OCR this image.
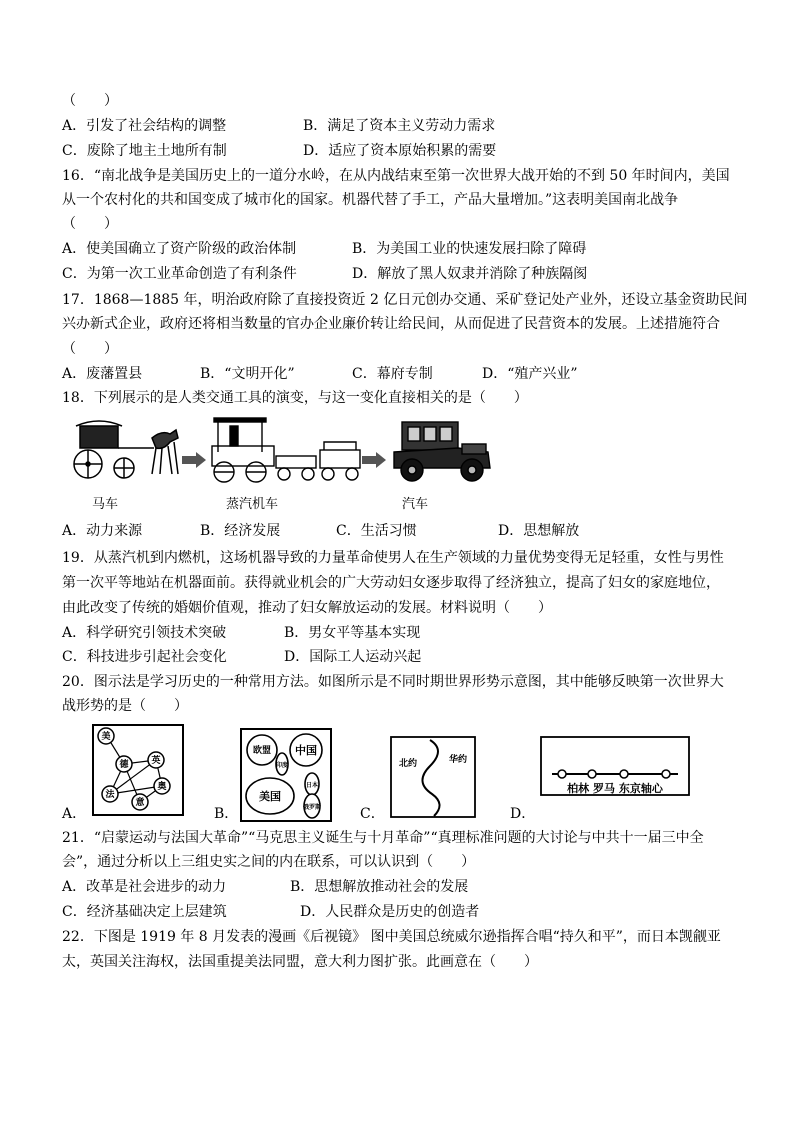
（　　）
A．引发了社会结构的调整	B．满足了资本主义劳动力需求
C．废除了地主土地所有制	D．适应了资本原始积累的需要
16．“南北战争是美国历史上的一道分水岭，在从内战结束至第一次世界大战开始的不到 50 年时间内，美国
从一个农村化的共和国变成了城市化的国家。机器代替了手工，产品大量增加。”这表明美国南北战争
（　　）
A．使美国确立了资产阶级的政治体制	B．为美国工业的快速发展扫除了障碍
C．为第一次工业革命创造了有利条件	D．解放了黑人奴隶并消除了种族隔阂
17．1868—1885 年，明治政府除了直接投资近 2 亿日元创办交通、采矿登记处产业外，还设立基金资助民间
兴办新式企业，政府还将相当数量的官办企业廉价转让给民间，从而促进了民营资本的发展。上述措施符合
（　　）
A．废藩置县	B．“文明开化”	C．幕府专制	D．“殖产兴业”
18．下列展示的是人类交通工具的演变，与这一变化直接相关的是（　　）
马车	蒸汽机车	汽车
A．动力来源	B．经济发展	C．生活习惯	D．思想解放
19．从蒸汽机到内燃机，这场机器导致的力量革命使男人在生产领域的力量优势变得无足轻重，女性与男性
第一次平等地站在机器面前。获得就业机会的广大劳动妇女逐步取得了经济独立，提高了妇女的家庭地位，
由此改变了传统的婚姻价值观，推动了妇女解放运动的发展。材料说明（　　）
A．科学研究引领技术突破	B．男女平等基本实现
C．科技进步引起社会变化	D．国际工人运动兴起
20．图示法是学习历史的一种常用方法。如图所示是不同时期世界形势示意图，其中能够反映第一次世界大
战形势的是（　　）
美
德	英
奥
法
意
A．
欧盟 中国
美国
印度
日本
俄罗斯
B．
北约	华约
C．
柏林 罗马 东京轴心
D．
21．“启蒙运动与法国大革命”“马克思主义诞生与十月革命”“真理标准问题的大讨论与中共十一届三中全
会”，通过分析以上三组史实之间的内在联系，可以认识到（　　）
A．改革是社会进步的动力	B．思想解放推动社会的发展
C．经济基础决定上层建筑	D．人民群众是历史的创造者
22．下图是 1919 年 8 月发表的漫画《后视镜》 图中美国总统威尔逊指挥合唱“持久和平”，而日本觊觎亚
太，英国关注海权，法国重提美法同盟，意大利力图扩张。此画意在（　　）
